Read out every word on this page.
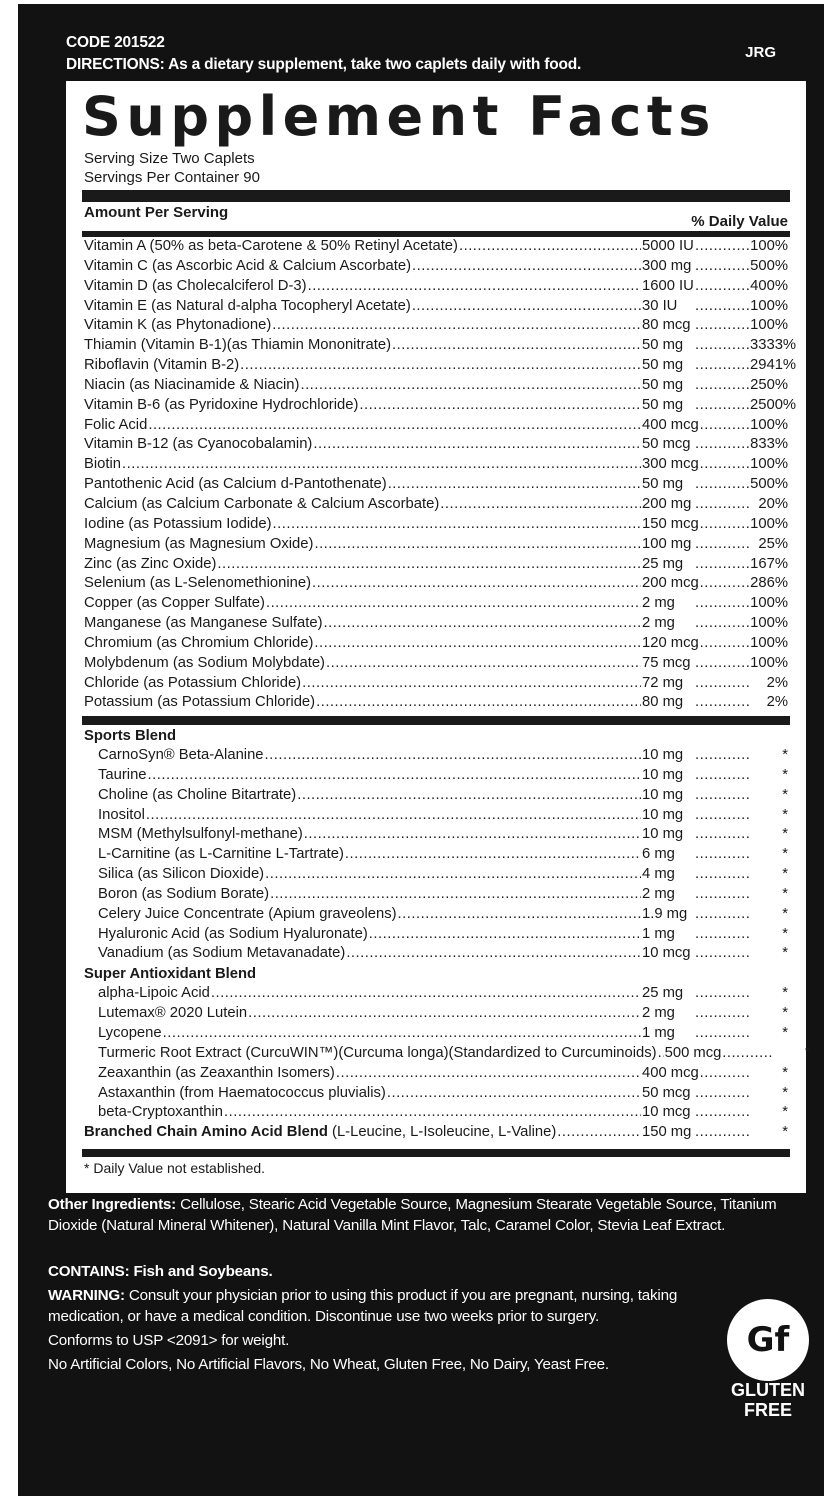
CODE 201522
JRG
DIRECTIONS: As a dietary supplement, take two caplets daily with food.
Supplement Facts
Serving Size Two Caplets
Servings Per Container 90
Amount Per Serving
% Daily Value
Vitamin A (50% as beta-Carotene & 50% Retinyl Acetate) .....	5000 IU .....	100%
Vitamin C (as Ascorbic Acid & Calcium Ascorbate) .....	300 mg .....	500%
Vitamin D (as Cholecalciferol D-3) .....	1600 IU .....	400%
Vitamin E (as Natural d-alpha Tocopheryl Acetate) .....	30 IU .....	100%
Vitamin K (as Phytonadione) .....	80 mcg .....	100%
Thiamin (Vitamin B-1)(as Thiamin Mononitrate) .....	50 mg .....	3333%
Riboflavin (Vitamin B-2) .....	50 mg .....	2941%
Niacin (as Niacinamide & Niacin) .....	50 mg .....	250%
Vitamin B-6 (as Pyridoxine Hydrochloride) .....	50 mg .....	2500%
Folic Acid .....	400 mcg .....	100%
Vitamin B-12 (as Cyanocobalamin) .....	50 mcg .....	833%
Biotin .....	300 mcg .....	100%
Pantothenic Acid (as Calcium d-Pantothenate) .....	50 mg .....	500%
Calcium (as Calcium Carbonate & Calcium Ascorbate) .....	200 mg .....	20%
Iodine (as Potassium Iodide) .....	150 mcg .....	100%
Magnesium (as Magnesium Oxide) .....	100 mg .....	25%
Zinc (as Zinc Oxide) .....	25 mg .....	167%
Selenium (as L-Selenomethionine) .....	200 mcg .....	286%
Copper (as Copper Sulfate) .....	2 mg .....	100%
Manganese (as Manganese Sulfate) .....	2 mg .....	100%
Chromium (as Chromium Chloride) .....	120 mcg .....	100%
Molybdenum (as Sodium Molybdate) .....	75 mcg .....	100%
Chloride (as Potassium Chloride) .....	72 mg .....	2%
Potassium (as Potassium Chloride) .....	80 mg .....	2%
Sports Blend
CarnoSyn® Beta-Alanine .....	10 mg .....	*
Taurine .....	10 mg .....	*
Choline (as Choline Bitartrate) .....	10 mg .....	*
Inositol .....	10 mg .....	*
MSM (Methylsulfonyl-methane) .....	10 mg .....	*
L-Carnitine (as L-Carnitine L-Tartrate) .....	6 mg .....	*
Silica (as Silicon Dioxide) .....	4 mg .....	*
Boron (as Sodium Borate) .....	2 mg .....	*
Celery Juice Concentrate (Apium graveolens) .....	1.9 mg .....	*
Hyaluronic Acid (as Sodium Hyaluronate) .....	1 mg .....	*
Vanadium (as Sodium Metavanadate) .....	10 mcg .....	*
Super Antioxidant Blend
alpha-Lipoic Acid .....	25 mg .....	*
Lutemax® 2020 Lutein .....	2 mg .....	*
Lycopene .....	1 mg .....	*
Turmeric Root Extract (CurcuWIN™)(Curcuma longa)(Standardized to Curcuminoids) ..... 500 mcg .....	*
Zeaxanthin (as Zeaxanthin Isomers) .....	400 mcg .....	*
Astaxanthin (from Haematococcus pluvialis) .....	50 mcg .....	*
beta-Cryptoxanthin .....	10 mcg .....	*
Branched Chain Amino Acid Blend (L-Leucine, L-Isoleucine, L-Valine) .....	150 mg .....	*
* Daily Value not established.
Other Ingredients: Cellulose, Stearic Acid Vegetable Source, Magnesium Stearate Vegetable Source, Titanium Dioxide (Natural Mineral Whitener), Natural Vanilla Mint Flavor, Talc, Caramel Color, Stevia Leaf Extract.
CONTAINS: Fish and Soybeans.
WARNING: Consult your physician prior to using this product if you are pregnant, nursing, taking medication, or have a medical condition. Discontinue use two weeks prior to surgery.
Conforms to USP <2091> for weight.
No Artificial Colors, No Artificial Flavors, No Wheat, Gluten Free, No Dairy, Yeast Free.
Gf
GLUTEN
FREE
